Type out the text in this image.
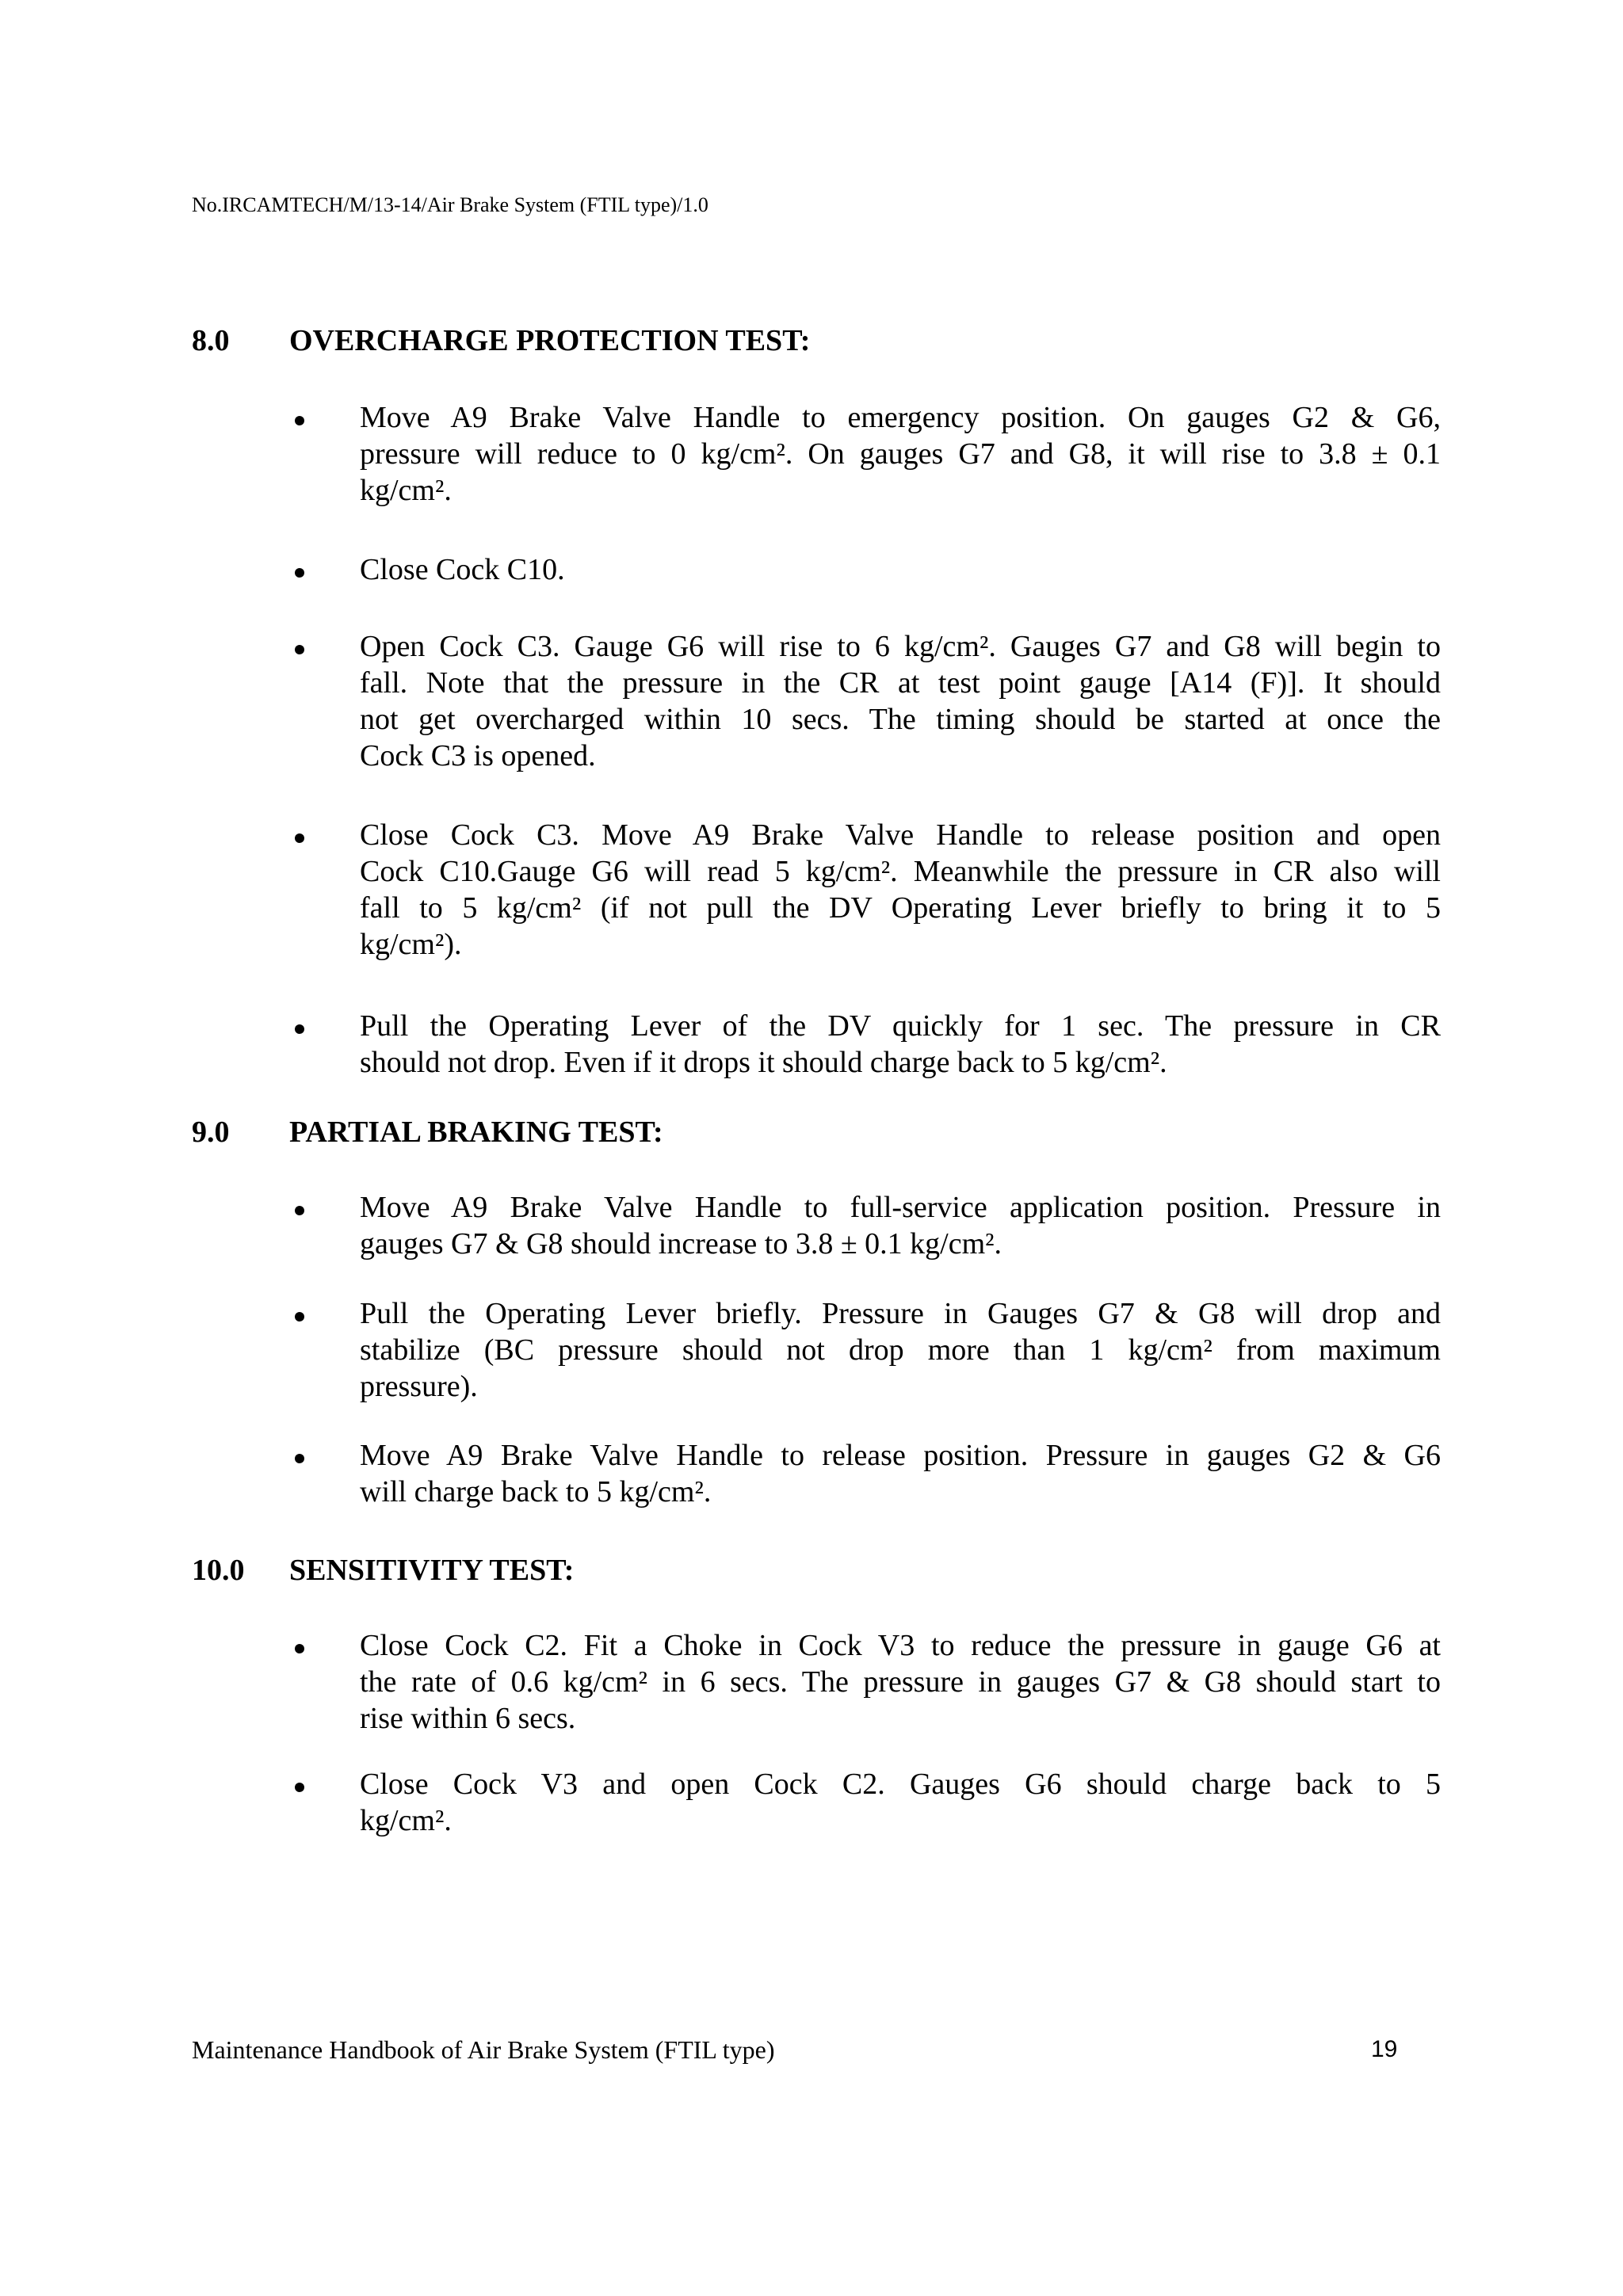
No.IRCAMTECH/M/13-14/Air Brake System (FTIL type)/1.0
8.0 OVERCHARGE PROTECTION TEST:
Move A9 Brake Valve Handle to emergency position. On gauges G2 & G6,
pressure will reduce to 0 kg/cm². On gauges G7 and G8, it will rise to 3.8 ± 0.1
kg/cm².
Close Cock C10.
Open Cock C3. Gauge G6 will rise to 6 kg/cm². Gauges G7 and G8 will begin to
fall. Note that the pressure in the CR at test point gauge [A14 (F)]. It should
not get overcharged within 10 secs. The timing should be started at once the
Cock C3 is opened.
Close Cock C3. Move A9 Brake Valve Handle to release position and open
Cock C10.Gauge G6 will read 5 kg/cm². Meanwhile the pressure in CR also will
fall to 5 kg/cm² (if not pull the DV Operating Lever briefly to bring it to 5
kg/cm²).
Pull the Operating Lever of the DV quickly for 1 sec. The pressure in CR
should not drop. Even if it drops it should charge back to 5 kg/cm².
9.0 PARTIAL BRAKING TEST:
Move A9 Brake Valve Handle to full-service application position. Pressure in
gauges G7 & G8 should increase to 3.8 ± 0.1 kg/cm².
Pull the Operating Lever briefly. Pressure in Gauges G7 & G8 will drop and
stabilize (BC pressure should not drop more than 1 kg/cm² from maximum
pressure).
Move A9 Brake Valve Handle to release position. Pressure in gauges G2 & G6
will charge back to 5 kg/cm².
10.0 SENSITIVITY TEST:
Close Cock C2. Fit a Choke in Cock V3 to reduce the pressure in gauge G6 at
the rate of 0.6 kg/cm² in 6 secs. The pressure in gauges G7 & G8 should start to
rise within 6 secs.
Close Cock V3 and open Cock C2. Gauges G6 should charge back to 5
kg/cm².
Maintenance Handbook of Air Brake System (FTIL type)	19
